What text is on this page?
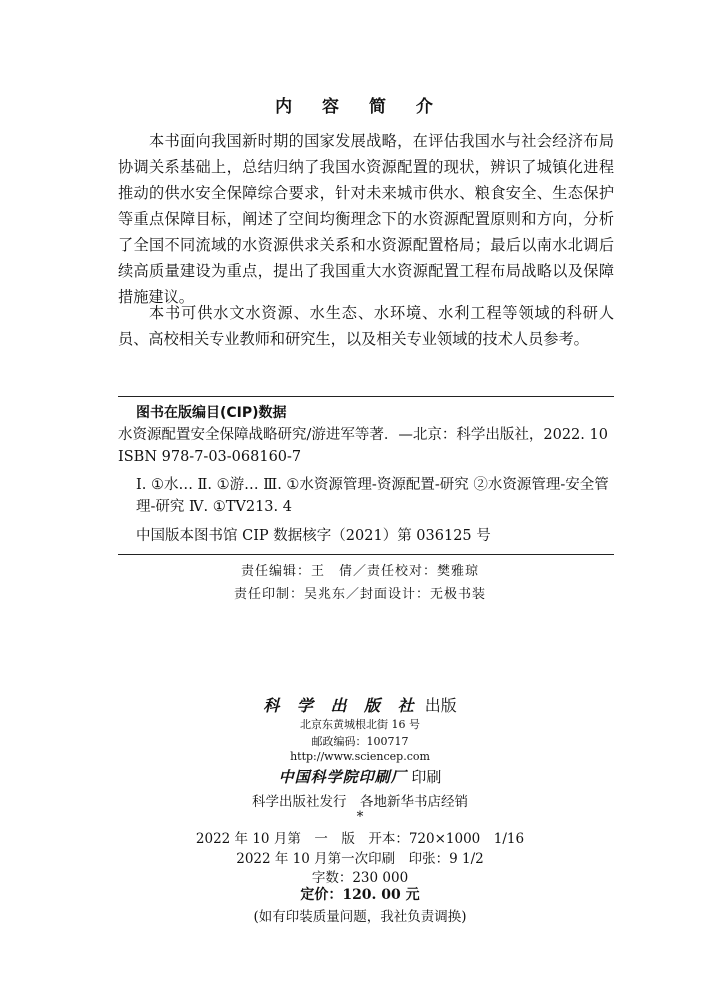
内 容 简 介

本书面向我国新时期的国家发展战略，在评估我国水与社会经济布局协调关系基础上，总结归纳了我国水资源配置的现状，辨识了城镇化进程推动的供水安全保障综合要求，针对未来城市供水、粮食安全、生态保护等重点保障目标，阐述了空间均衡理念下的水资源配置原则和方向，分析了全国不同流域的水资源供求关系和水资源配置格局；最后以南水北调后续高质量建设为重点，提出了我国重大水资源配置工程布局战略以及保障措施建议。

本书可供水文水资源、水生态、水环境、水利工程等领域的科研人员、高校相关专业教师和研究生，以及相关专业领域的技术人员参考。

图书在版编目(CIP)数据
水资源配置安全保障战略研究/游进军等著．—北京：科学出版社，2022. 10
ISBN 978-7-03-068160-7
Ⅰ. ①水… Ⅱ. ①游… Ⅲ. ①水资源管理-资源配置-研究 ②水资源管理-安全管理-研究 Ⅳ. ①TV213. 4
中国版本图书馆 CIP 数据核字（2021）第 036125 号
责任编辑：王　倩／责任校对：樊雅琼
责任印制：吴兆东／封面设计：无极书装
科 学 出 版 社 出版
北京东黄城根北街 16 号
邮政编码：100717
http://www.sciencep.com
中国科学院印刷厂 印刷
科学出版社发行　各地新华书店经销
*
2022 年 10 月第　一　版　开本：720×1000　1/16
2022 年 10 月第一次印刷　印张：9 1/2
字数：230 000
定价：120. 00 元
(如有印装质量问题，我社负责调换)
